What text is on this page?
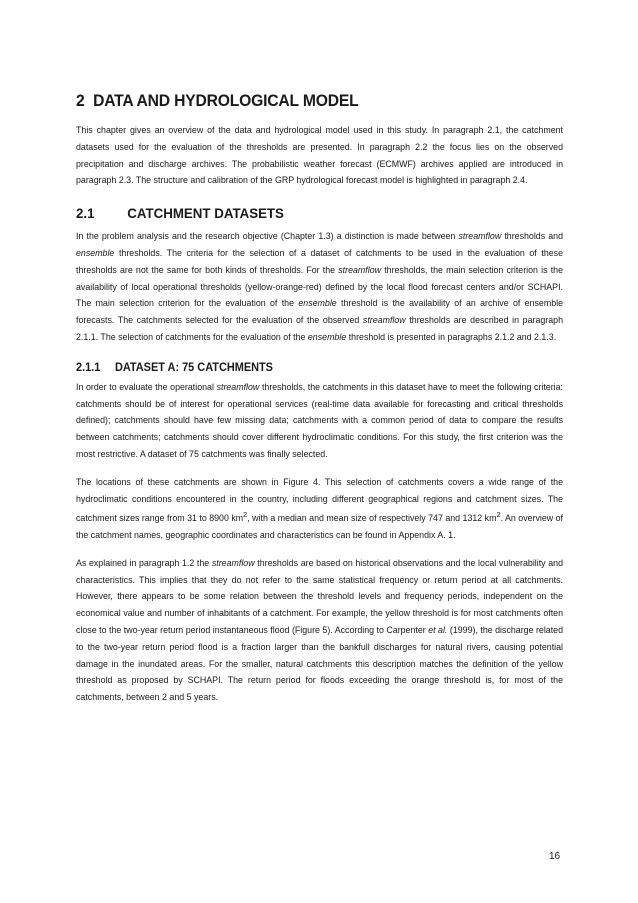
2 DATA AND HYDROLOGICAL MODEL

This chapter gives an overview of the data and hydrological model used in this study. In paragraph 2.1, the catchment datasets used for the evaluation of the thresholds are presented. In paragraph 2.2 the focus lies on the observed precipitation and discharge archives. The probabilistic weather forecast (ECMWF) archives applied are introduced in paragraph 2.3. The structure and calibration of the GRP hydrological forecast model is highlighted in paragraph 2.4.

2.1 CATCHMENT DATASETS

In the problem analysis and the research objective (Chapter 1.3) a distinction is made between streamflow thresholds and ensemble thresholds. The criteria for the selection of a dataset of catchments to be used in the evaluation of these thresholds are not the same for both kinds of thresholds. For the streamflow thresholds, the main selection criterion is the availability of local operational thresholds (yellow-orange-red) defined by the local flood forecast centers and/or SCHAPI. The main selection criterion for the evaluation of the ensemble threshold is the availability of an archive of ensemble forecasts. The catchments selected for the evaluation of the observed streamflow thresholds are described in paragraph 2.1.1. The selection of catchments for the evaluation of the ensemble threshold is presented in paragraphs 2.1.2 and 2.1.3.

2.1.1 DATASET A: 75 CATCHMENTS

In order to evaluate the operational streamflow thresholds, the catchments in this dataset have to meet the following criteria: catchments should be of interest for operational services (real-time data available for forecasting and critical thresholds defined); catchments should have few missing data; catchments with a common period of data to compare the results between catchments; catchments should cover different hydroclimatic conditions. For this study, the first criterion was the most restrictive. A dataset of 75 catchments was finally selected.

The locations of these catchments are shown in Figure 4. This selection of catchments covers a wide range of the hydroclimatic conditions encountered in the country, including different geographical regions and catchment sizes. The catchment sizes range from 31 to 8900 $km^2$, with a median and mean size of respectively 747 and 1312 $km^2$. An overview of the catchment names, geographic coordinates and characteristics can be found in Appendix A. 1.

As explained in paragraph 1.2 the streamflow thresholds are based on historical observations and the local vulnerability and characteristics. This implies that they do not refer to the same statistical frequency or return period at all catchments. However, there appears to be some relation between the threshold levels and frequency periods, independent on the economical value and number of inhabitants of a catchment. For example, the yellow threshold is for most catchments often close to the two-year return period instantaneous flood (Figure 5). According to Carpenter et al. (1999), the discharge related to the two-year return period flood is a fraction larger than the bankfull discharges for natural rivers, causing potential damage in the inundated areas. For the smaller, natural catchments this description matches the definition of the yellow threshold as proposed by SCHAPI. The return period for floods exceeding the orange threshold is, for most of the catchments, between 2 and 5 years.

16
